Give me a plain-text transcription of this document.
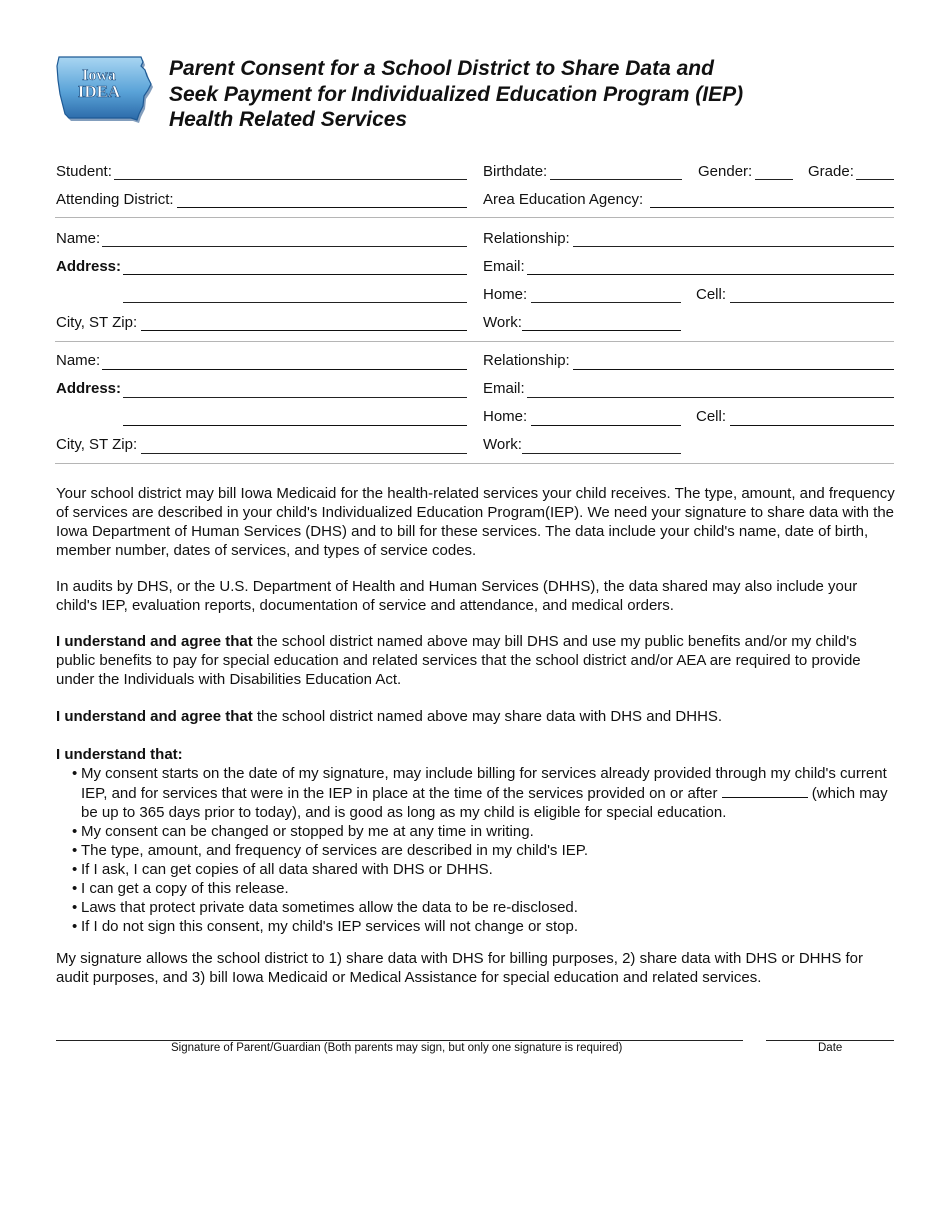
Iowa
IDEA
Parent Consent for a School District to Share Data and
Seek Payment for Individualized Education Program (IEP)
Health Related Services
Student:	Birthdate:	Gender:	Grade:
Attending District:	Area Education Agency:
Name:	Relationship:
Address:	Email:
Home:	Cell:
City, ST Zip:	Work:
Name:	Relationship:
Address:	Email:
Home:	Cell:
City, ST Zip:	Work:

Your school district may bill Iowa Medicaid for the health-related services your child receives. The type, amount, and frequency of services are described in your child's Individualized Education Program(IEP). We need your signature to share data with the Iowa Department of Human Services (DHS) and to bill for these services. The data include your child's name, date of birth, member number, dates of services, and types of service codes.

In audits by DHS, or the U.S. Department of Health and Human Services (DHHS), the data shared may also include your child's IEP, evaluation reports, documentation of service and attendance, and medical orders.

I understand and agree that the school district named above may bill DHS and use my public benefits and/or my child's public benefits to pay for special education and related services that the school district and/or AEA are required to provide under the Individuals with Disabilities Education Act.

I understand and agree that the school district named above may share data with DHS and DHHS.

I understand that:

• My consent starts on the date of my signature, may include billing for services already provided through my child's current IEP, and for services that were in the IEP in place at the time of the services provided on or after	(which may be up to 365 days prior to today), and is good as long as my child is eligible for special education.
• My consent can be changed or stopped by me at any time in writing.
• The type, amount, and frequency of services are described in my child's IEP.
• If I ask, I can get copies of all data shared with DHS or DHHS.
• I can get a copy of this release.
• Laws that protect private data sometimes allow the data to be re-disclosed.
• If I do not sign this consent, my child's IEP services will not change or stop.

My signature allows the school district to 1) share data with DHS for billing purposes, 2) share data with DHS or DHHS for audit purposes, and 3) bill Iowa Medicaid or Medical Assistance for special education and related services.

Signature of Parent/Guardian (Both parents may sign, but only one signature is required)	Date
